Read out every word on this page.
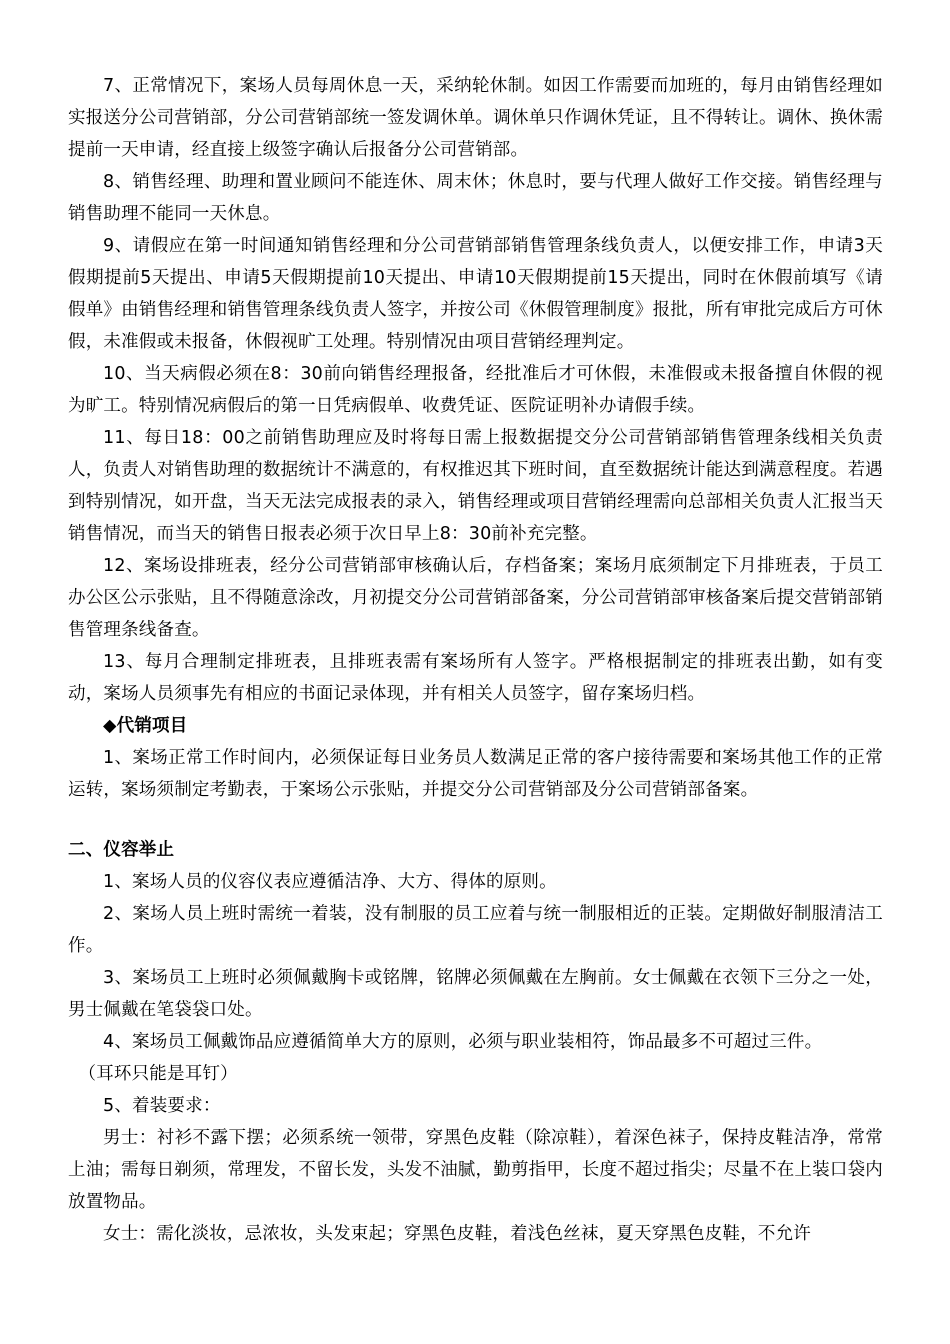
7、正常情况下，案场人员每周休息一天，采纳轮休制。如因工作需要而加班的，每月由销售经理如实报送分公司营销部，分公司营销部统一签发调休单。调休单只作调休凭证，且不得转让。调休、换休需提前一天申请，经直接上级签字确认后报备分公司营销部。

8、销售经理、助理和置业顾问不能连休、周末休；休息时，要与代理人做好工作交接。销售经理与销售助理不能同一天休息。

9、请假应在第一时间通知销售经理和分公司营销部销售管理条线负责人，以便安排工作，申请3天假期提前5天提出、申请5天假期提前10天提出、申请10天假期提前15天提出，同时在休假前填写《请假单》由销售经理和销售管理条线负责人签字，并按公司《休假管理制度》报批，所有审批完成后方可休假，未准假或未报备，休假视旷工处理。特别情况由项目营销经理判定。

10、当天病假必须在8：30前向销售经理报备，经批准后才可休假，未准假或未报备擅自休假的视为旷工。特别情况病假后的第一日凭病假单、收费凭证、医院证明补办请假手续。

11、每日18：00之前销售助理应及时将每日需上报数据提交分公司营销部销售管理条线相关负责人，负责人对销售助理的数据统计不满意的，有权推迟其下班时间，直至数据统计能达到满意程度。若遇到特别情况，如开盘，当天无法完成报表的录入，销售经理或项目营销经理需向总部相关负责人汇报当天销售情况，而当天的销售日报表必须于次日早上8：30前补充完整。

12、案场设排班表，经分公司营销部审核确认后，存档备案；案场月底须制定下月排班表，于员工办公区公示张贴，且不得随意涂改，月初提交分公司营销部备案，分公司营销部审核备案后提交营销部销售管理条线备查。

13、每月合理制定排班表，且排班表需有案场所有人签字。严格根据制定的排班表出勤，如有变动，案场人员须事先有相应的书面记录体现，并有相关人员签字，留存案场归档。

◆代销项目

1、案场正常工作时间内，必须保证每日业务员人数满足正常的客户接待需要和案场其他工作的正常运转，案场须制定考勤表，于案场公示张贴，并提交分公司营销部及分公司营销部备案。

二、仪容举止

1、案场人员的仪容仪表应遵循洁净、大方、得体的原则。

2、案场人员上班时需统一着装，没有制服的员工应着与统一制服相近的正装。定期做好制服清洁工作。

3、案场员工上班时必须佩戴胸卡或铭牌，铭牌必须佩戴在左胸前。女士佩戴在衣领下三分之一处，男士佩戴在笔袋袋口处。

4、案场员工佩戴饰品应遵循简单大方的原则，必须与职业装相符，饰品最多不可超过三件。

（耳环只能是耳钉）

5、着装要求：

男士：衬衫不露下摆；必须系统一领带，穿黑色皮鞋（除凉鞋），着深色袜子，保持皮鞋洁净，常常上油；需每日剃须，常理发，不留长发，头发不油腻，勤剪指甲，长度不超过指尖；尽量不在上装口袋内放置物品。

女士：需化淡妆，忌浓妆，头发束起；穿黑色皮鞋，着浅色丝袜，夏天穿黑色皮鞋，不允许
